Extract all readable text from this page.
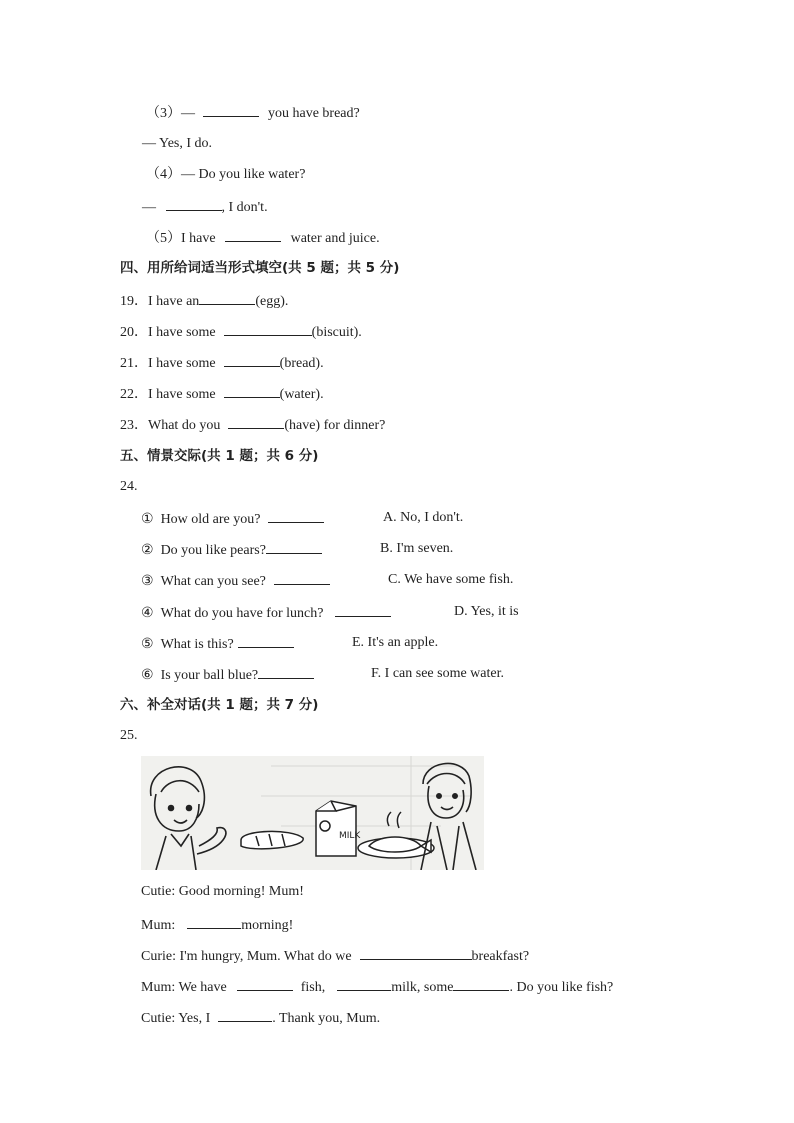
（3）—	you have bread?
— Yes, I do.
（4）— Do you like water?
—	, I don't.
（5）I have	water and juice.
四、用所给词适当形式填空(共 5 题；共 5 分)
19．I have an	(egg).
20．I have some	(biscuit).
21．I have some	(bread).
22．I have some	(water).
23．What do you	(have) for dinner?
五、情景交际(共 1 题；共 6 分)
24.
① How old are you?	A. No, I don't.
② Do you like pears?	B. I'm seven.
③ What can you see?	C. We have some fish.
④ What do you have for lunch?	D. Yes, it is
⑤ What is this?	E. It's an apple.
⑥ Is your ball blue?	F. I can see some water.
六、补全对话(共 1 题；共 7 分)
25.
MILK
Cutie: Good morning! Mum!
Mum:	morning!
Curie: I'm hungry, Mum. What do we	breakfast?
Mum: We have	fish,	milk, some	. Do you like fish?
Cutie: Yes, I	. Thank you, Mum.
